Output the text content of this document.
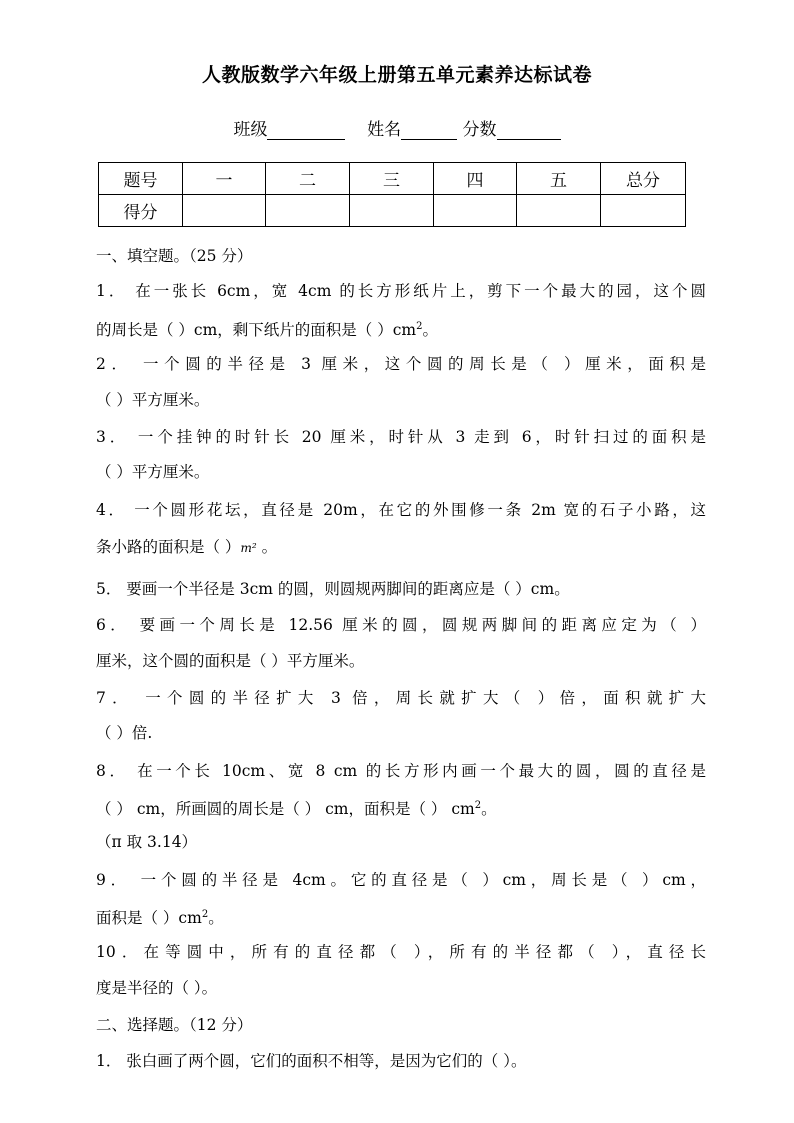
人教版数学六年级上册第五单元素养达标试卷
班级	姓名	分数
题号	一	二	三	四	五	总分
得分						
一、填空题。（25 分）
1． 在一张长 6cm，宽 4cm 的长方形纸片上，剪下一个最大的园，这个圆
的周长是（ ）cm，剩下纸片的面积是（ ）$cm^2$。
2． 一个圆的半径是 3 厘米，这个圆的周长是（ ）厘米，面积是
（ ）平方厘米。
3． 一个挂钟的时针长 20 厘米，时针从 3 走到 6，时针扫过的面积是
（ ）平方厘米。
4． 一个圆形花坛，直径是 20m，在它的外围修一条 2m 宽的石子小路，这
条小路的面积是（ ）m² 。
5． 要画一个半径是 3cm 的圆，则圆规两脚间的距离应是（ ）cm。
6． 要画一个周长是 12.56 厘米的圆，圆规两脚间的距离应定为（ ）
厘米，这个圆的面积是（ ）平方厘米。
7． 一个圆的半径扩大 3 倍，周长就扩大（ ）倍，面积就扩大
（ ）倍.
8． 在一个长 10cm、宽 8 cm 的长方形内画一个最大的圆，圆的直径是
（ ） cm，所画圆的周长是（ ） cm，面积是（ ） $cm^2$。
（π 取 3.14）
9． 一个圆的半径是 4cm。它的直径是（ ）cm，周长是（ ）cm，
面积是（ ）$cm^2$。
10．在等圆中，所有的直径都（ ），所有的半径都（ ），直径长
度是半径的（ ）。
二、选择题。（12 分）
1． 张白画了两个圆，它们的面积不相等，是因为它们的（ ）。
